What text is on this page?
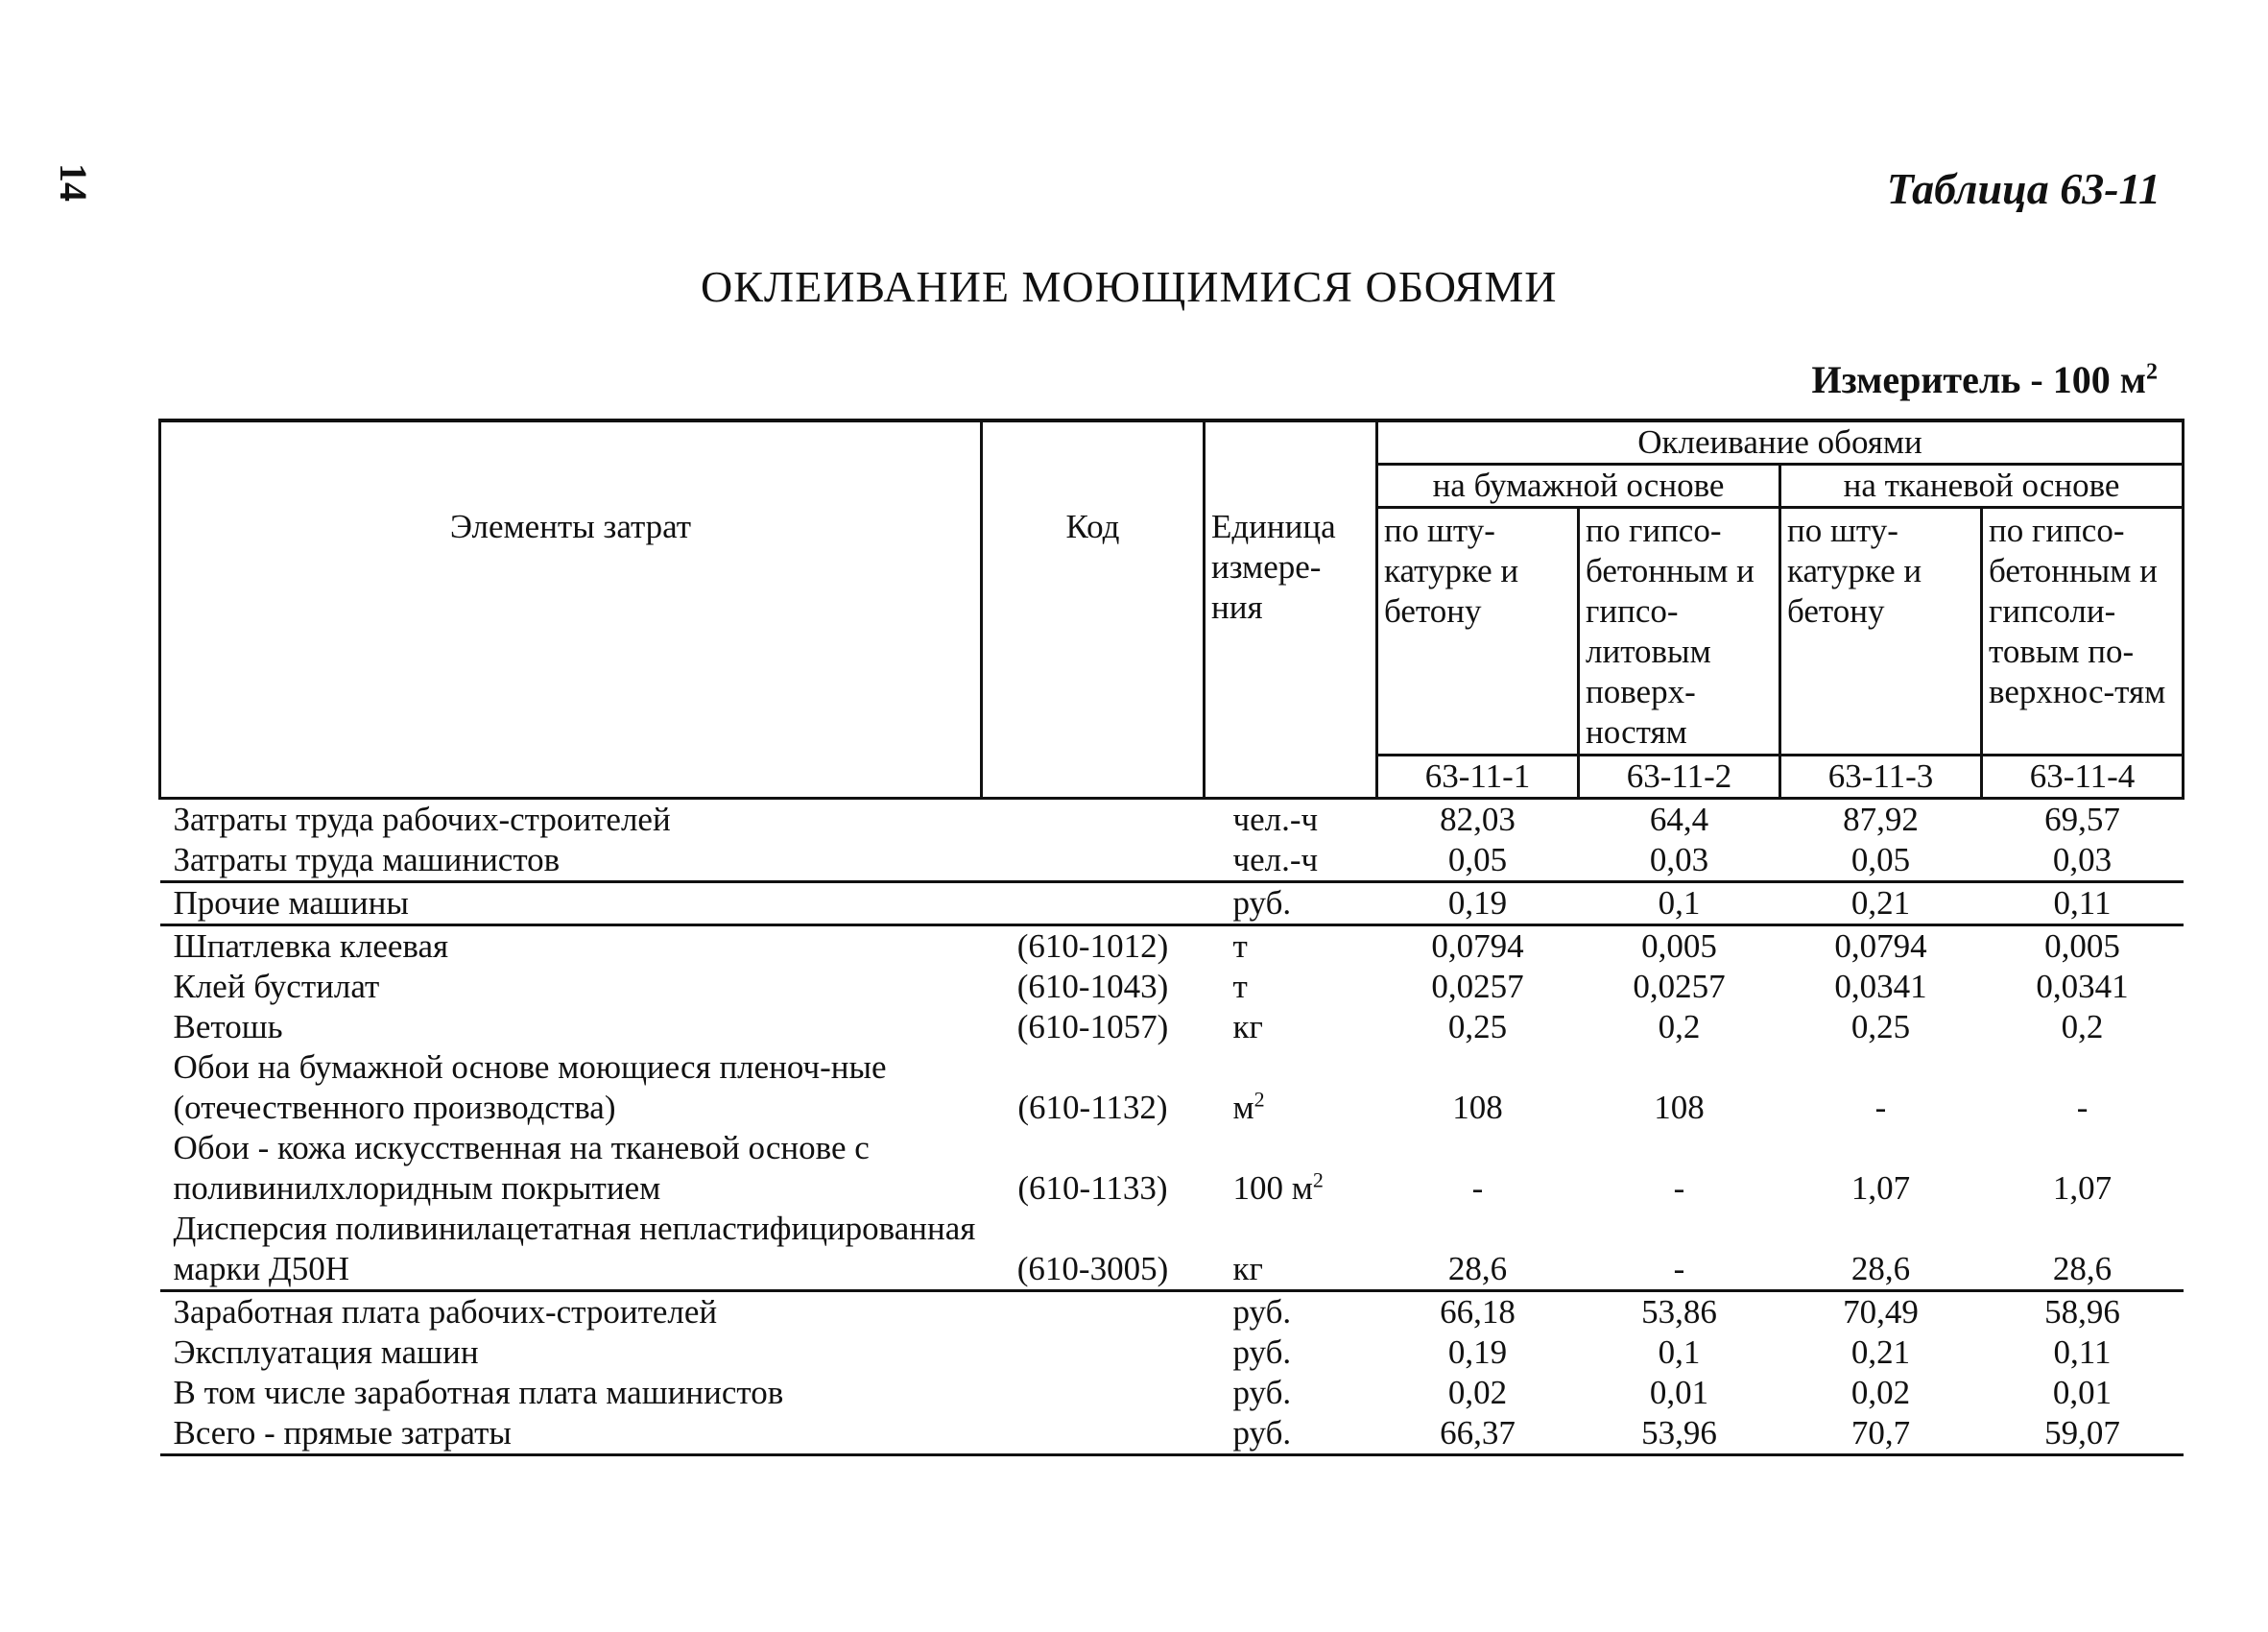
14	Таблица 63-11
ОКЛЕИВАНИЕ МОЮЩИМИСЯ ОБОЯМИ
Измеритель - 100 $м^2$
Элементы затрат	Код	Единица измере-ния	Оклеивание обоями			
			на бумажной основе		на тканевой основе	
			по шту-катурке и бетону	по гипсо-бетонным и гипсо-литовым поверх-ностям	по шту-катурке и бетону	по гипсо-бетонным и гипсоли-товым по-верхнос-тям
			63-11-1	63-11-2	63-11-3	63-11-4
Затраты труда рабочих-строителей		чел.-ч	82,03	64,4	87,92	69,57
Затраты труда машинистов		чел.-ч	0,05	0,03	0,05	0,03
Прочие машины		руб.	0,19	0,1	0,21	0,11
Шпатлевка клеевая	(610-1012)	т	0,0794	0,005	0,0794	0,005
Клей бустилат	(610-1043)	т	0,0257	0,0257	0,0341	0,0341
Ветошь	(610-1057)	кг	0,25	0,2	0,25	0,2
Обои на бумажной основе моющиеся пленоч-ные (отечественного производства)	(610-1132)	$м^2$	108	108	-	-
Обои - кожа искусственная на тканевой основе с поливинилхлоридным покрытием	(610-1133)	100 $м^2$	-	-	1,07	1,07
Дисперсия поливинилацетатная непластифицированная марки Д50Н	(610-3005)	кг	28,6	-	28,6	28,6
Заработная плата рабочих-строителей		руб.	66,18	53,86	70,49	58,96
Эксплуатация машин		руб.	0,19	0,1	0,21	0,11
В том числе заработная плата машинистов		руб.	0,02	0,01	0,02	0,01
Всего - прямые затраты		руб.	66,37	53,96	70,7	59,07
